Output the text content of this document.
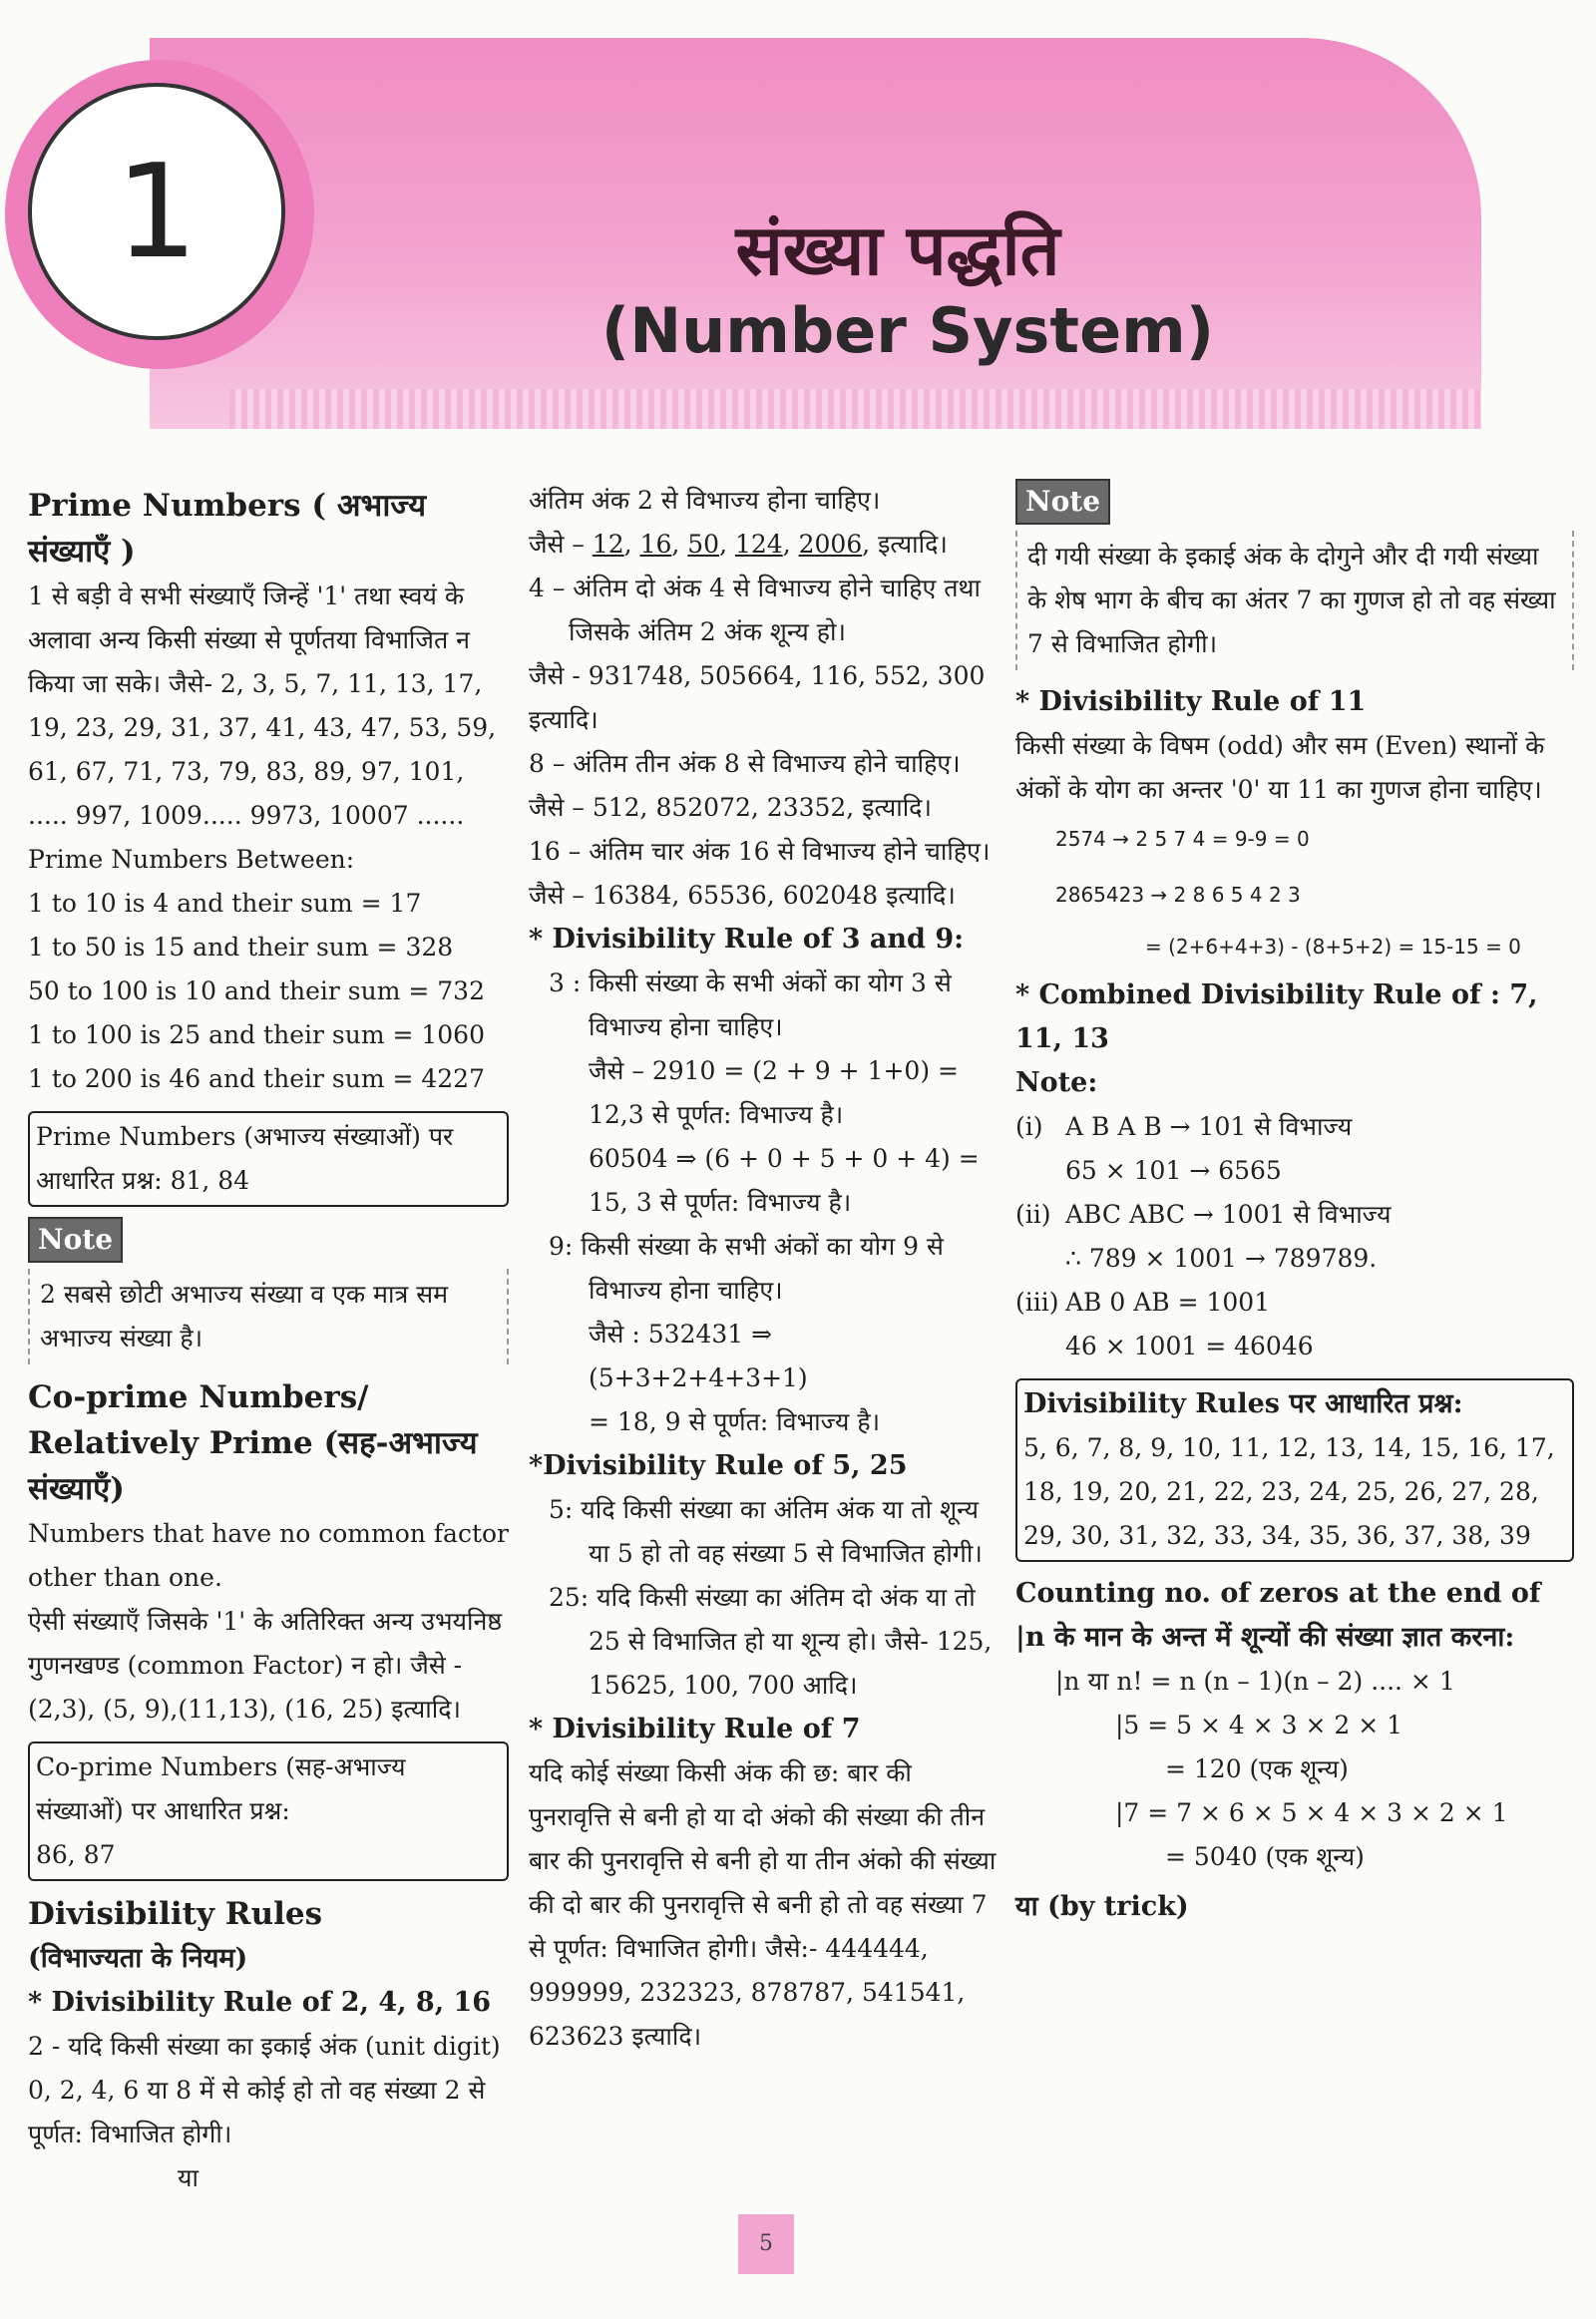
1	संख्या पद्धति
(Number System)

Prime Numbers ( अभाज्य संख्याएँ )

1 से बड़ी वे सभी संख्याएँ जिन्हें '1' तथा स्वयं के अलावा अन्य किसी संख्या से पूर्णतया विभाजित न किया जा सके। जैसे- 2, 3, 5, 7, 11, 13, 17, 19, 23, 29, 31, 37, 41, 43, 47, 53, 59, 61, 67, 71, 73, 79, 83, 89, 97, 101, ..... 997, 1009..... 9973, 10007 ......

Prime Numbers Between:

1 to 10 is 4 and their sum = 17

1 to 50 is 15 and their sum = 328

50 to 100 is 10 and their sum = 732

1 to 100 is 25 and their sum = 1060

1 to 200 is 46 and their sum = 4227

Prime Numbers (अभाज्य संख्याओं) पर आधारित प्रश्न: 81, 84
Note
2 सबसे छोटी अभाज्य संख्या व एक मात्र सम अभाज्य संख्या है।

Co-prime Numbers/ Relatively Prime (सह-अभाज्य संख्याएँ)

Numbers that have no common factor other than one.

ऐसी संख्याएँ जिसके '1' के अतिरिक्त अन्य उभयनिष्ठ गुणनखण्ड (common Factor) न हो। जैसे - (2,3), (5, 9),(11,13), (16, 25) इत्यादि।

Co-prime Numbers (सह-अभाज्य संख्याओं) पर आधारित प्रश्न:

86, 87

Divisibility Rules

(विभाज्यता के नियम)

* Divisibility Rule of 2, 4, 8, 16

2 - यदि किसी संख्या का इकाई अंक (unit digit) 0, 2, 4, 6 या 8 में से कोई हो तो वह संख्या 2 से पूर्णत: विभाजित होगी।

या

अंतिम अंक 2 से विभाज्य होना चाहिए।

जैसे – 12, 16, 50, 124, 2006, इत्यादि।

4 – अंतिम दो अंक 4 से विभाज्य होने चाहिए तथा जिसके अंतिम 2 अंक शून्य हो।

जैसे - 931748, 505664, 116, 552, 300 इत्यादि।

8 – अंतिम तीन अंक 8 से विभाज्य होने चाहिए।

जैसे – 512, 852072, 23352, इत्यादि।

16 – अंतिम चार अंक 16 से विभाज्य होने चाहिए।

जैसे – 16384, 65536, 602048 इत्यादि।

* Divisibility Rule of 3 and 9:

3 : किसी संख्या के सभी अंकों का योग 3 से विभाज्य होना चाहिए।

जैसे – 2910 = (2 + 9 + 1+0) = 12,3 से पूर्णत: विभाज्य है।

60504 ⇒ (6 + 0 + 5 + 0 + 4) = 15, 3 से पूर्णत: विभाज्य है।

9: किसी संख्या के सभी अंकों का योग 9 से विभाज्य होना चाहिए।

जैसे : 532431 ⇒ (5+3+2+4+3+1)

= 18, 9 से पूर्णत: विभाज्य है।

*Divisibility Rule of 5, 25

5: यदि किसी संख्या का अंतिम अंक या तो शून्य या 5 हो तो वह संख्या 5 से विभाजित होगी।

25: यदि किसी संख्या का अंतिम दो अंक या तो 25 से विभाजित हो या शून्य हो। जैसे- 125, 15625, 100, 700 आदि।

* Divisibility Rule of 7

यदि कोई संख्या किसी अंक की छ: बार की पुनरावृत्ति से बनी हो या दो अंको की संख्या की तीन बार की पुनरावृत्ति से बनी हो या तीन अंको की संख्या की दो बार की पुनरावृत्ति से बनी हो तो वह संख्या 7 से पूर्णत: विभाजित होगी। जैसे:- 444444, 999999, 232323, 878787, 541541, 623623 इत्यादि।

Note
दी गयी संख्या के इकाई अंक के दोगुने और दी गयी संख्या के शेष भाग के बीच का अंतर 7 का गुणज हो तो वह संख्या 7 से विभाजित होगी।

* Divisibility Rule of 11

किसी संख्या के विषम (odd) और सम (Even) स्थानों के अंकों के योग का अन्तर '0' या 11 का गुणज होना चाहिए।

2574 → 2 5 7 4 = 9-9 = 0
2865423 → 2 8 6 5 4 2 3
= (2+6+4+3) - (8+5+2) = 15-15 = 0

* Combined Divisibility Rule of : 7, 11, 13

Note:

(i) A B A B → 101 से विभाज्य

65 × 101 → 6565

(ii) ABC ABC → 1001 से विभाज्य

∴ 789 × 1001 → 789789.

(iii) AB 0 AB = 1001

46 × 1001 = 46046

Divisibility Rules पर आधारित प्रश्न:

5, 6, 7, 8, 9, 10, 11, 12, 13, 14, 15, 16, 17, 18, 19, 20, 21, 22, 23, 24, 25, 26, 27, 28, 29, 30, 31, 32, 33, 34, 35, 36, 37, 38, 39

Counting no. of zeros at the end of |n के मान के अन्त में शून्यों की संख्या ज्ञात करना:

|n या n! = n (n – 1)(n – 2) .... × 1

|5 = 5 × 4 × 3 × 2 × 1

= 120 (एक शून्य)

|7 = 7 × 6 × 5 × 4 × 3 × 2 × 1

= 5040 (एक शून्य)

या (by trick)

5
